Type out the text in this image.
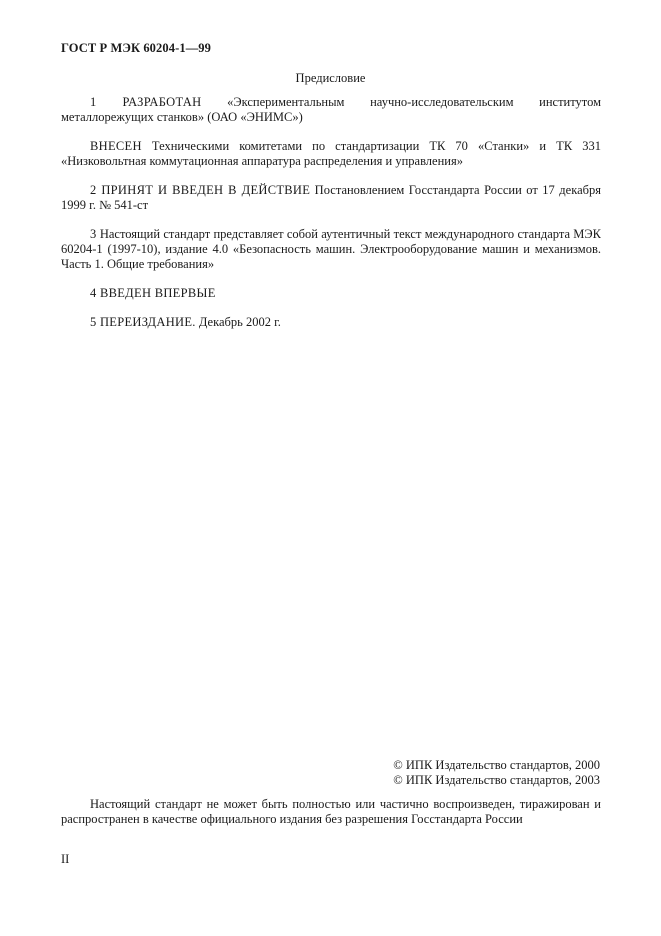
ГОСТ Р МЭК 60204-1—99
Предисловие

1 РАЗРАБОТАН «Экспериментальным научно-исследовательским институтом металлорежущих станков» (ОАО «ЭНИМС»)

ВНЕСЕН Техническими комитетами по стандартизации ТК 70 «Станки» и ТК 331 «Низковольтная коммутационная аппаратура распределения и управления»

2 ПРИНЯТ И ВВЕДЕН В ДЕЙСТВИЕ Постановлением Госстандарта России от 17 декабря 1999 г. № 541-ст

3 Настоящий стандарт представляет собой аутентичный текст международного стандарта МЭК 60204-1 (1997-10), издание 4.0 «Безопасность машин. Электрооборудование машин и механизмов. Часть 1. Общие требования»

4 ВВЕДЕН ВПЕРВЫЕ

5 ПЕРЕИЗДАНИЕ. Декабрь 2002 г.

© ИПК Издательство стандартов, 2000
© ИПК Издательство стандартов, 2003
Настоящий стандарт не может быть полностью или частично воспроизведен, тиражирован и распространен в качестве официального издания без разрешения Госстандарта России
II
